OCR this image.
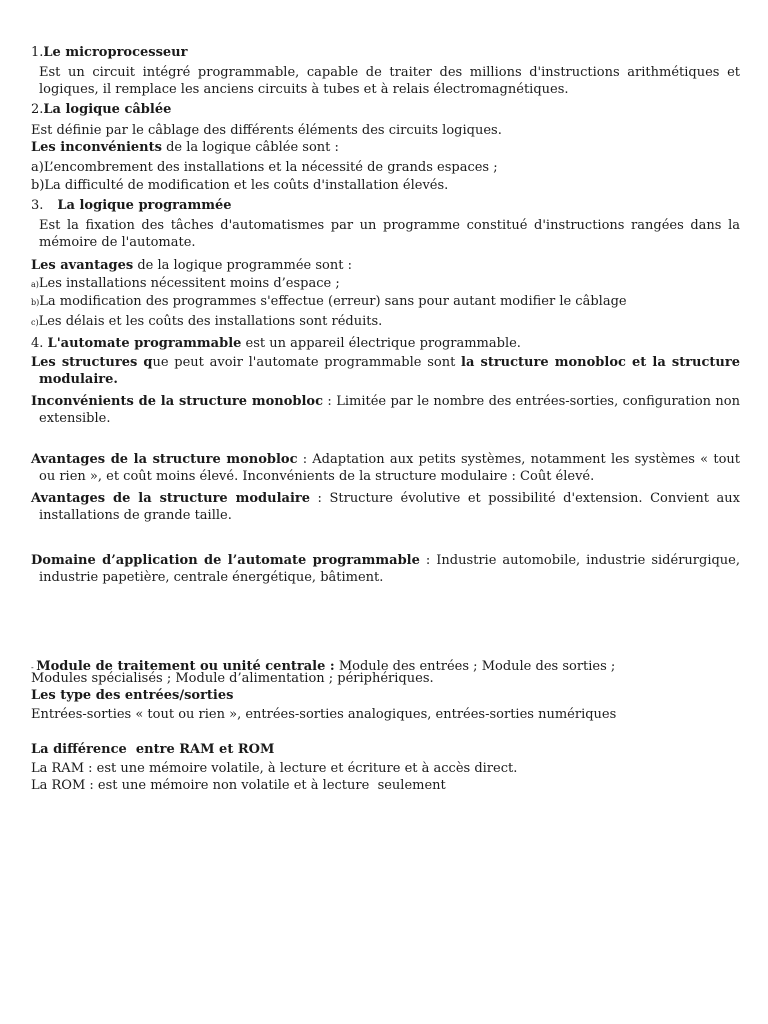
1.Le microprocesseur

Est un circuit intégré programmable, capable de traiter des millions d'instructions arithmétiques et logiques, il remplace les anciens circuits à tubes et à relais électromagnétiques.

2.La logique câblée

Est définie par le câblage des différents éléments des circuits logiques.

Les inconvénients de la logique câblée sont :

a)L’encombrement des installations et la nécessité de grands espaces ;

b)La difficulté de modification et les coûts d'installation élevés.

3. La logique programmée

Est la fixation des tâches d'automatismes par un programme constitué d'instructions rangées dans la mémoire de l'automate.

Les avantages de la logique programmée sont :

a)Les installations nécessitent moins d’espace ;

b)La modification des programmes s'effectue (erreur) sans pour autant modifier le câblage

c)Les délais et les coûts des installations sont réduits.

4. L'automate programmable est un appareil électrique programmable.

Les structures que peut avoir l'automate programmable sont la structure monobloc et la structure modulaire.

Inconvénients de la structure monobloc : Limitée par le nombre des entrées-sorties, configuration non extensible.

Avantages de la structure monobloc : Adaptation aux petits systèmes, notamment les systèmes « tout ou rien », et coût moins élevé. Inconvénients de la structure modulaire : Coût élevé.

Avantages de la structure modulaire : Structure évolutive et possibilité d'extension. Convient aux installations de grande taille.

Domaine d’application de l’automate programmable : Industrie automobile, industrie sidérurgique, industrie papetière, centrale énergétique, bâtiment.

- Module de traitement ou unité centrale : Module des entrées ; Module des sorties ;

Modules spécialisés ; Module d’alimentation ; périphériques.

Les type des entrées/sorties

Entrées-sorties « tout ou rien », entrées-sorties analogiques, entrées-sorties numériques

La différence  entre RAM et ROM

La RAM : est une mémoire volatile, à lecture et écriture et à accès direct.

La ROM : est une mémoire non volatile et à lecture  seulement
